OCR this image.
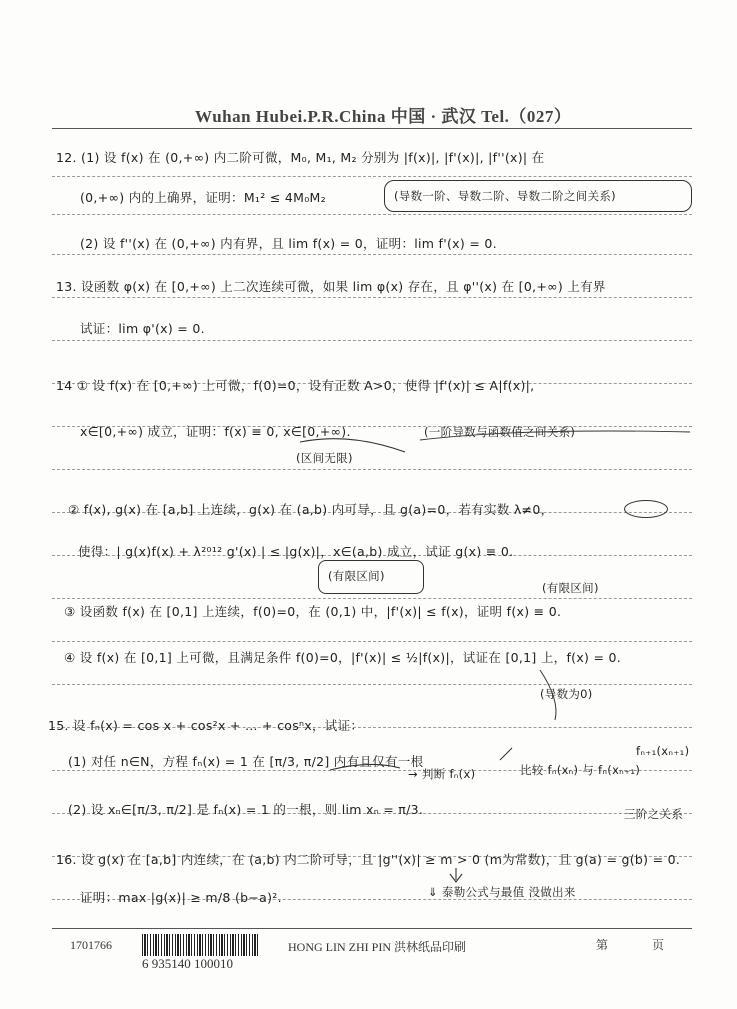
Wuhan Hubei.P.R.China 中国 · 武汉 Tel.（027）
12. (1) 设 f(x) 在 (0,+∞) 内二阶可微，M₀, M₁, M₂ 分别为 |f(x)|, |f'(x)|, |f''(x)| 在
(0,+∞) 内的上确界，证明：M₁² ≤ 4M₀M₂	(导数一阶、导数二阶、导数二阶之间关系)
(2) 设 f''(x) 在 (0,+∞) 内有界，且 lim f(x) = 0，证明：lim f'(x) = 0.
13. 设函数 φ(x) 在 [0,+∞) 上二次连续可微，如果 lim φ(x) 存在，且 φ''(x) 在 [0,+∞) 上有界
试证：lim φ'(x) = 0.
14 ① 设 f(x) 在 [0,+∞) 上可微，f(0)=0，设有正数 A>0，使得 |f'(x)| ≤ A|f(x)|,
x∈[0,+∞) 成立，证明：f(x) ≡ 0, x∈[0,+∞).	(一阶导数与函数值之间关系)
(区间无限)
② f(x), g(x) 在 [a,b] 上连续，g(x) 在 (a,b) 内可导，且 g(a)=0，若有实数 λ≠0，
使得：| g(x)f(x) + λ²⁰¹² g'(x) | ≤ |g(x)|，x∈(a,b) 成立，试证 g(x) ≡ 0.
(有限区间)
(有限区间)
③ 设函数 f(x) 在 [0,1] 上连续，f(0)=0，在 (0,1) 中，|f'(x)| ≤ f(x)，证明 f(x) ≡ 0.
④ 设 f(x) 在 [0,1] 上可微，且满足条件 f(0)=0，|f'(x)| ≤ ½|f(x)|，试证在 [0,1] 上，f(x) = 0.
(导数为0)
15. 设 fₙ(x) = cos x + cos²x + … + cosⁿx，试证：
(1) 对任 n∈N，方程 fₙ(x) = 1 在 [π/3, π/2] 内有且仅有一根
→ 判断 fₙ(x)	比较 fₙ(xₙ) 与 fₙ(xₙ₊₁)
fₙ₊₁(xₙ₊₁)
(2) 设 xₙ∈[π/3, π/2] 是 fₙ(x) = 1 的一根，则 lim xₙ = π/3.	三阶之关系
16. 设 g(x) 在 [a,b] 内连续，在 (a,b) 内二阶可导，且 |g''(x)| ≥ m > 0 (m为常数)，且 g(a) = g(b) = 0.
证明：max |g(x)| ≥ m/8 (b−a)².	⇓ 泰勒公式与最值 没做出来
1701766
6 935140 100010
HONG LIN ZHI PIN 洪林纸品印刷	第	页
